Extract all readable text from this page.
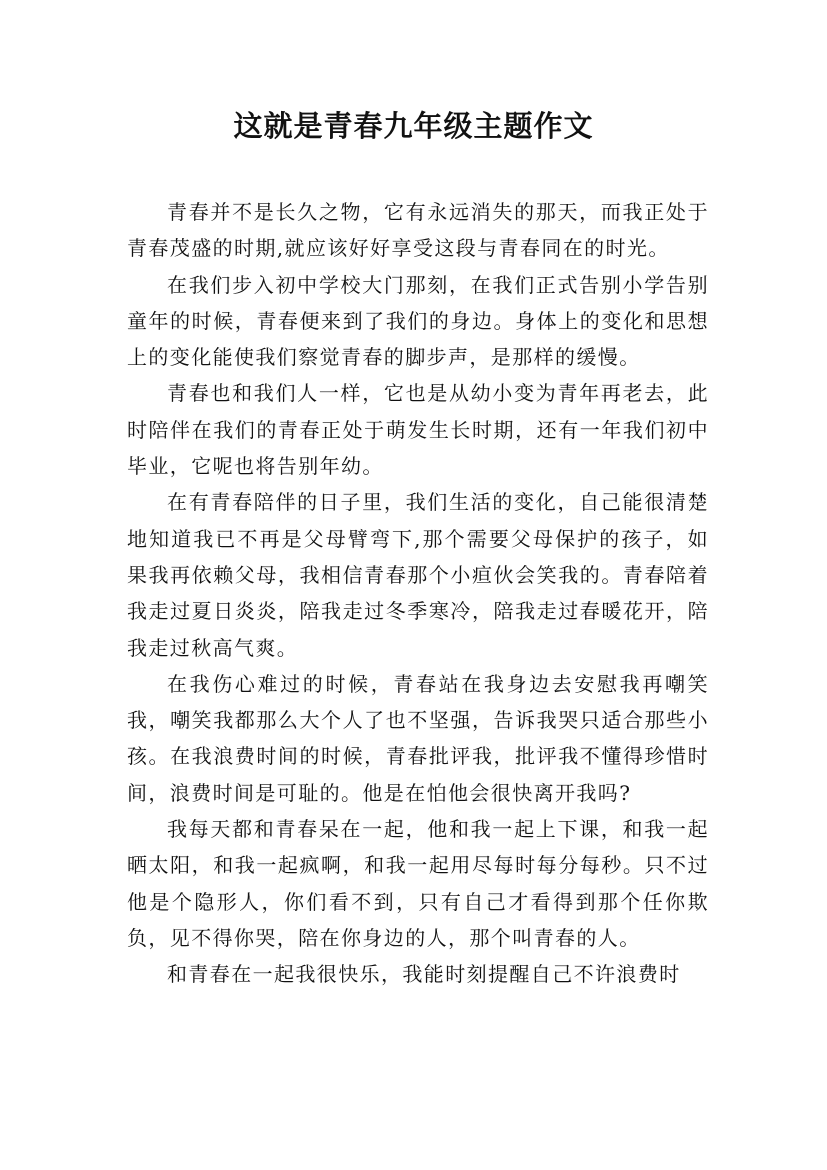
这就是青春九年级主题作文

青春并不是长久之物，它有永远消失的那天，而我正处于青春茂盛的时期,就应该好好享受这段与青春同在的时光。

在我们步入初中学校大门那刻，在我们正式告别小学告别童年的时候，青春便来到了我们的身边。身体上的变化和思想上的变化能使我们察觉青春的脚步声，是那样的缓慢。

青春也和我们人一样，它也是从幼小变为青年再老去，此时陪伴在我们的青春正处于萌发生长时期，还有一年我们初中毕业，它呢也将告别年幼。

在有青春陪伴的日子里，我们生活的变化，自己能很清楚地知道我已不再是父母臂弯下,那个需要父母保护的孩子，如果我再依赖父母，我相信青春那个小疸伙会笑我的。青春陪着我走过夏日炎炎，陪我走过冬季寒冷，陪我走过春暖花开，陪我走过秋高气爽。

在我伤心难过的时候，青春站在我身边去安慰我再嘲笑我，嘲笑我都那么大个人了也不坚强，告诉我哭只适合那些小孩。在我浪费时间的时候，青春批评我，批评我不懂得珍惜时间，浪费时间是可耻的。他是在怕他会很快离开我吗?

我每天都和青春呆在一起，他和我一起上下课，和我一起晒太阳，和我一起疯啊，和我一起用尽每时每分每秒。只不过他是个隐形人，你们看不到，只有自己才看得到那个任你欺负，见不得你哭，陪在你身边的人，那个叫青春的人。

和青春在一起我很快乐，我能时刻提醒自己不许浪费时
